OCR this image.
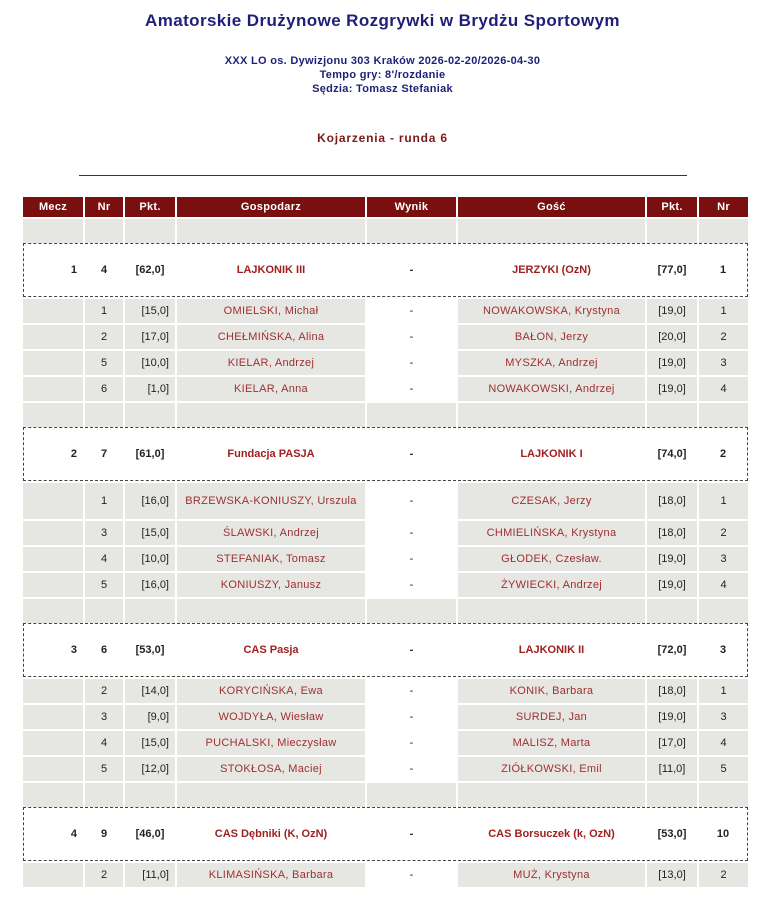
Amatorskie Drużynowe Rozgrywki w Brydżu Sportowym
XXX LO os. Dywizjonu 303 Kraków 2026-02-20/2026-04-30
Tempo gry: 8'/rozdanie
Sędzia: Tomasz Stefaniak
Kojarzenia - runda 6
Mecz	Nr	Pkt.	Gospodarz	Wynik	Gość	Pkt.	Nr

1	4	[62,0]	LAJKONIK III	-	JERZYKI (OzN)	[77,0]	1
	1	[15,0]	OMIELSKI, Michał	-	NOWAKOWSKA, Krystyna	[19,0]	1
	2	[17,0]	CHEŁMIŃSKA, Alina	-	BAŁON, Jerzy	[20,0]	2
	5	[10,0]	KIELAR, Andrzej	-	MYSZKA, Andrzej	[19,0]	3
	6	[1,0]	KIELAR, Anna	-	NOWAKOWSKI, Andrzej	[19,0]	4

2	7	[61,0]	Fundacja PASJA	-	LAJKONIK I	[74,0]	2
	1	[16,0]	BRZEWSKA-KONIUSZY, Urszula	-	CZESAK, Jerzy	[18,0]	1
	3	[15,0]	ŚLAWSKI, Andrzej	-	CHMIELIŃSKA, Krystyna	[18,0]	2
	4	[10,0]	STEFANIAK, Tomasz	-	GŁODEK, Czesław.	[19,0]	3
	5	[16,0]	KONIUSZY, Janusz	-	ŻYWIECKI, Andrzej	[19,0]	4

3	6	[53,0]	CAS Pasja	-	LAJKONIK II	[72,0]	3
	2	[14,0]	KORYCIŃSKA, Ewa	-	KONIK, Barbara	[18,0]	1
	3	[9,0]	WOJDYŁA, Wiesław	-	SURDEJ, Jan	[19,0]	3
	4	[15,0]	PUCHALSKI, Mieczysław	-	MALISZ, Marta	[17,0]	4
	5	[12,0]	STOKŁOSA, Maciej	-	ZIÓŁKOWSKI, Emil	[11,0]	5

4	9	[46,0]	CAS Dębniki (K, OzN)	-	CAS Borsuczek (k, OzN)	[53,0]	10
	2	[11,0]	KLIMASIŃSKA, Barbara	-	MUŻ, Krystyna	[13,0]	2
